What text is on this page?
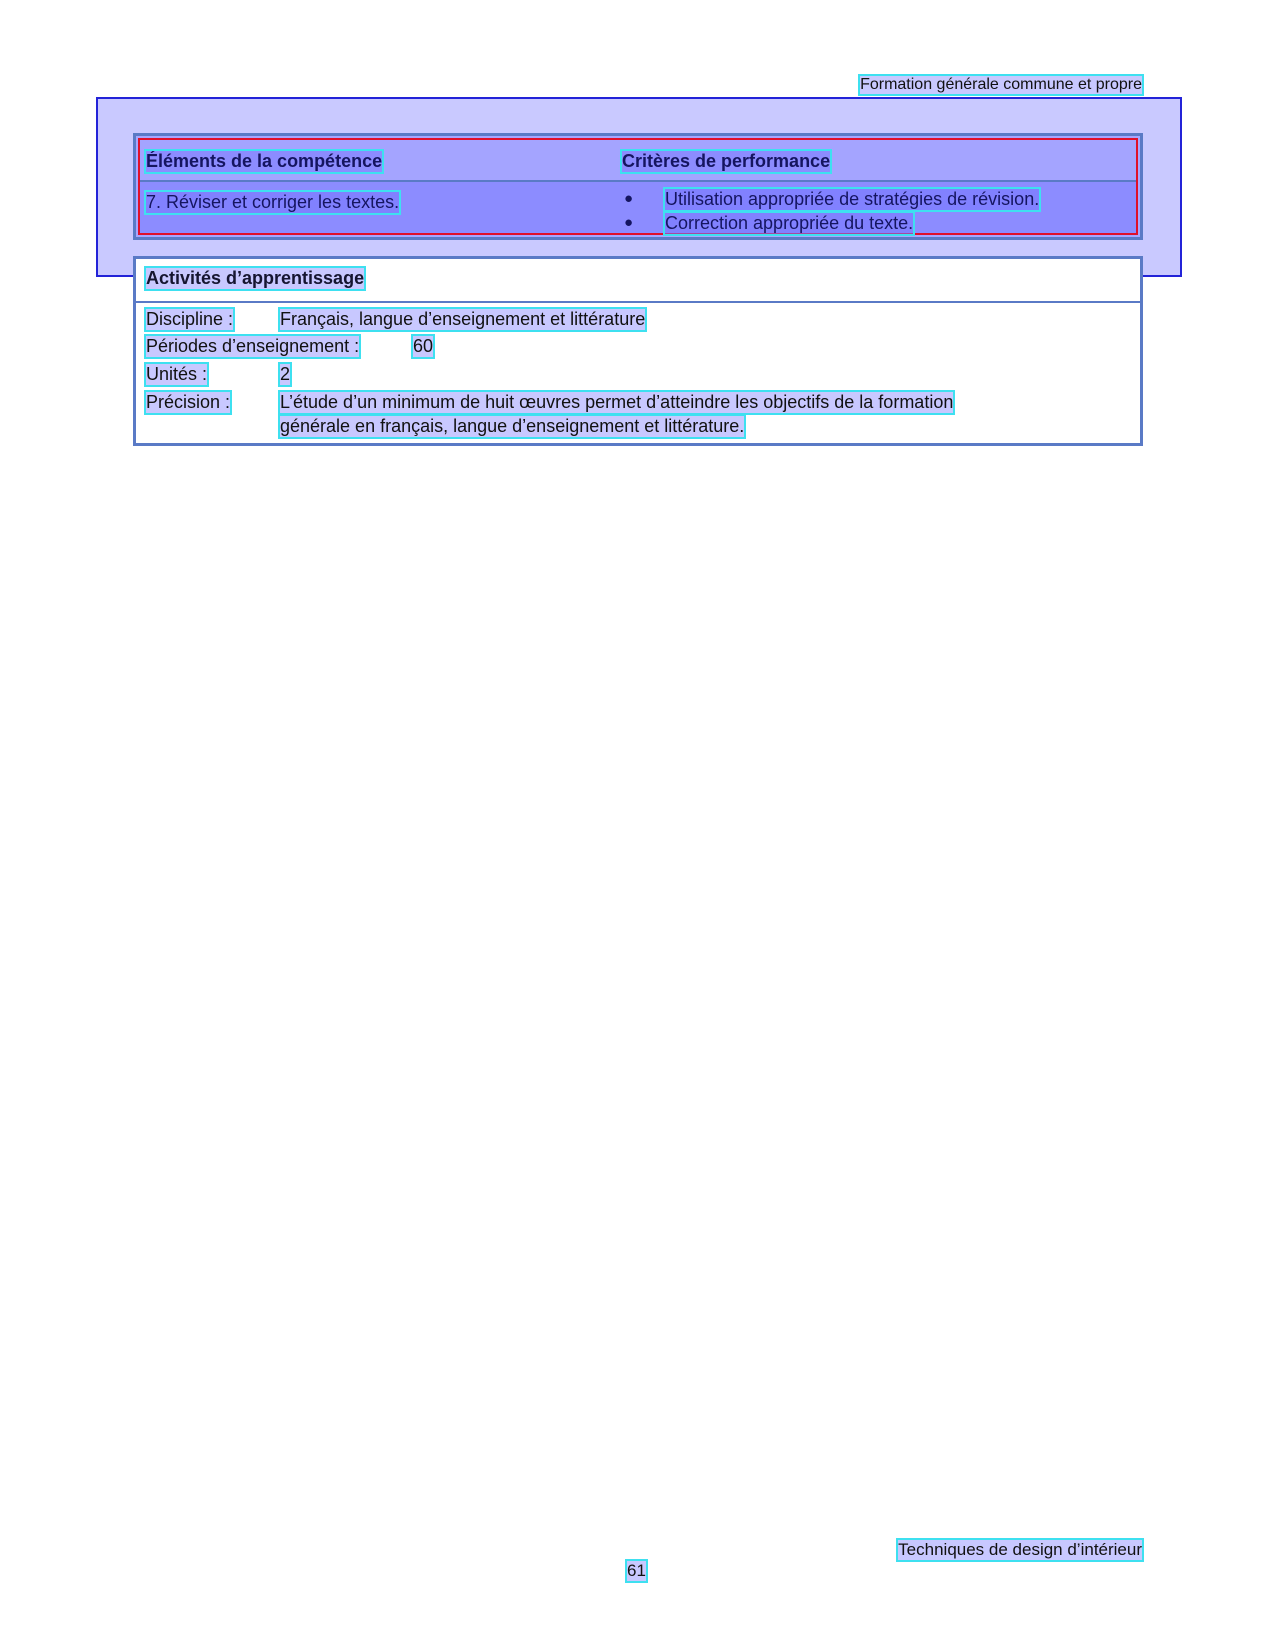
Formation générale commune et propre
Éléments de la compétence	Critères de performance
7. Réviser et corriger les textes.	● Utilisation appropriée de stratégies de révision.
● Correction appropriée du texte.
Activités d’apprentissage
Discipline :	Français, langue d’enseignement et littérature
Périodes d’enseignement :	60
Unités :	2
Précision :	L’étude d’un minimum de huit œuvres permet d’atteindre les objectifs de la formation
générale en français, langue d’enseignement et littérature.
Techniques de design d’intérieur
61
